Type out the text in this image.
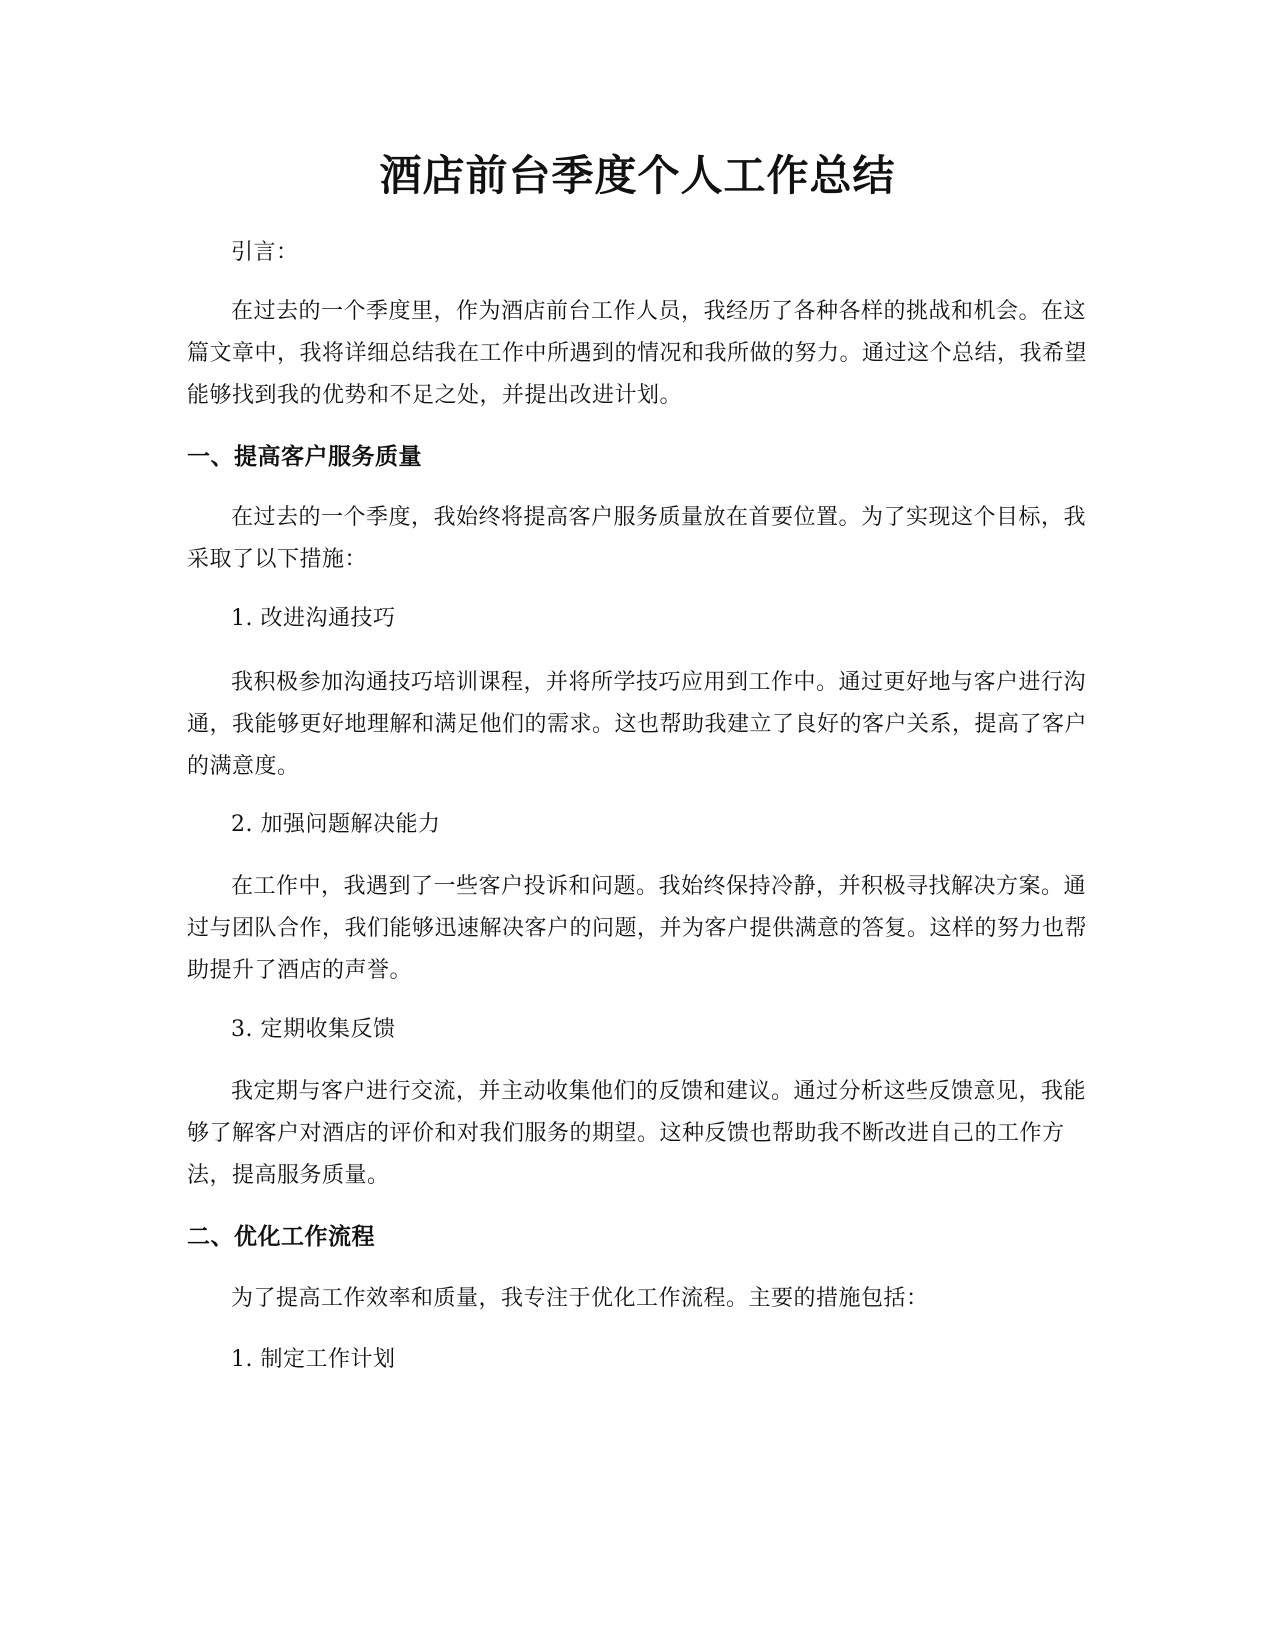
酒店前台季度个人工作总结

引言：

在过去的一个季度里，作为酒店前台工作人员，我经历了各种各样的挑战和机会。在这篇文章中，我将详细总结我在工作中所遇到的情况和我所做的努力。通过这个总结，我希望能够找到我的优势和不足之处，并提出改进计划。

一、提高客户服务质量

在过去的一个季度，我始终将提高客户服务质量放在首要位置。为了实现这个目标，我采取了以下措施：

1. 改进沟通技巧

我积极参加沟通技巧培训课程，并将所学技巧应用到工作中。通过更好地与客户进行沟通，我能够更好地理解和满足他们的需求。这也帮助我建立了良好的客户关系，提高了客户的满意度。

2. 加强问题解决能力

在工作中，我遇到了一些客户投诉和问题。我始终保持冷静，并积极寻找解决方案。通过与团队合作，我们能够迅速解决客户的问题，并为客户提供满意的答复。这样的努力也帮助提升了酒店的声誉。

3. 定期收集反馈

我定期与客户进行交流，并主动收集他们的反馈和建议。通过分析这些反馈意见，我能够了解客户对酒店的评价和对我们服务的期望。这种反馈也帮助我不断改进自己的工作方法，提高服务质量。

二、优化工作流程

为了提高工作效率和质量，我专注于优化工作流程。主要的措施包括：

1. 制定工作计划
